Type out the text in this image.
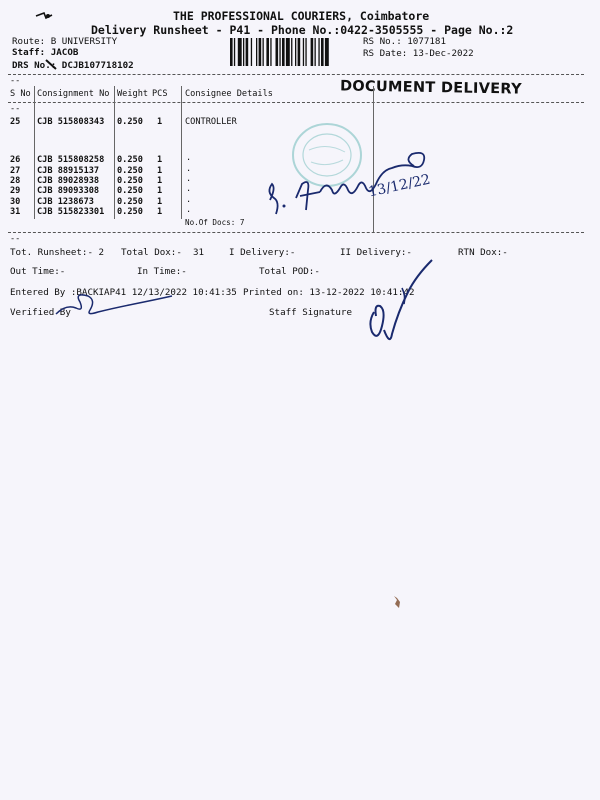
THE PROFESSIONAL COURIERS, Coimbatore
Delivery Runsheet - P41 - Phone No.:0422-3505555 - Page No.:2
Route: B UNIVERSITY
Staff: JACOB
DRS No.: DCJB107718102
RS No.: 1077181
RS Date: 13-Dec-2022
DOCUMENT DELIVERY
--
--
--
S No Consignment No Weight PCS Consignee Details
25 CJB 515808343 0.250 1	CONTROLLER
26 CJB 515808258 0.250 1	.
27 CJB 88915137 0.250 1	.
28 CJB 89028938 0.250 1	.
29 CJB 89093308 0.250 1	.
30 CJB 1238673	0.250 1	.
31 CJB 515823301 0.250 1	.
No.Of Docs: 7
13/12/22
Tot. Runsheet:- 2 Total Dox:- 31	I Delivery:-	II Delivery:-	RTN Dox:-
Out Time:-	In Time:-	Total POD:-
Entered By :BACKIAP41 12/13/2022 10:41:35 Printed on: 13-12-2022 10:41:42
Verified By	Staff Signature
